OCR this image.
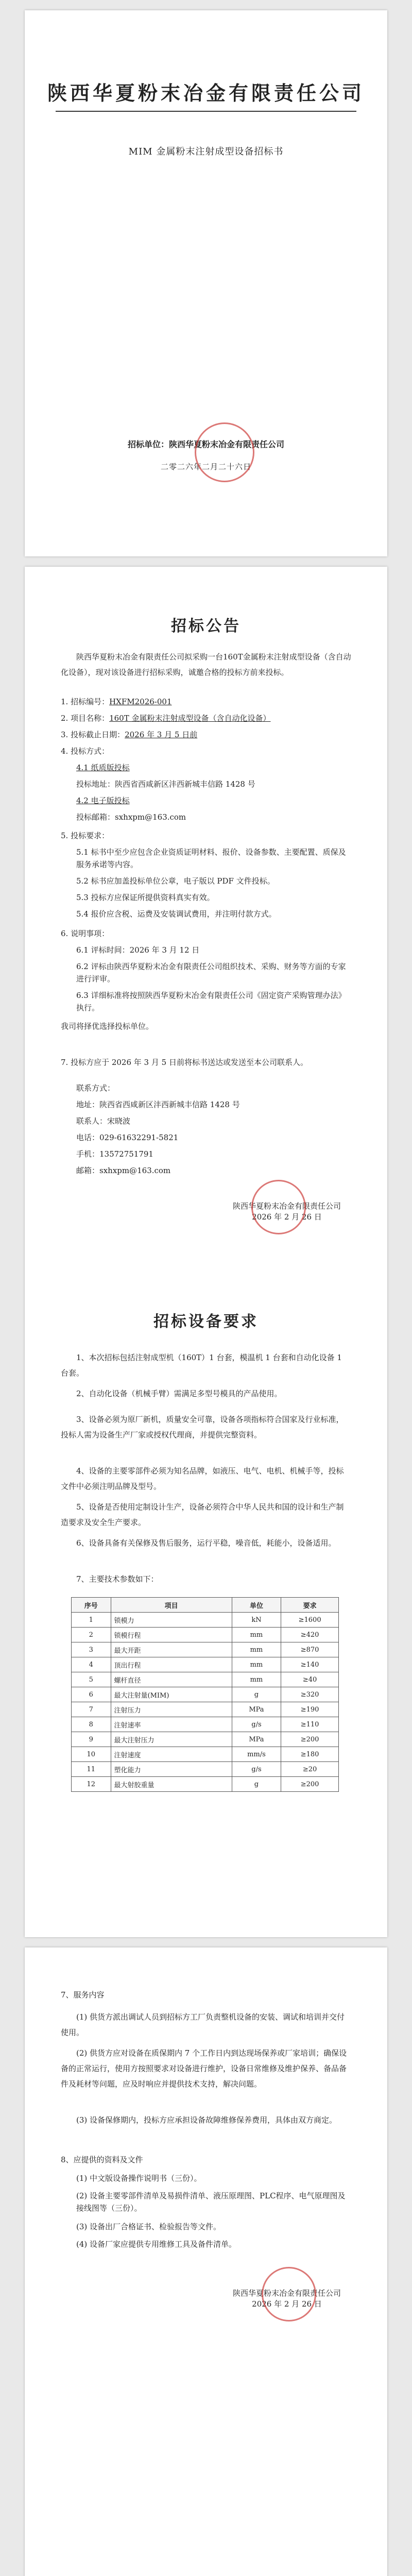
陕西华夏粉末冶金有限责任公司
MIM 金属粉末注射成型设备招标书
招标单位：陕西华夏粉末冶金有限责任公司
二零二六年二月二十六日
招标公告
陕西华夏粉末冶金有限责任公司拟采购一台160T金属粉末注射成型设备（含自动化设备），现对该设备进行招标采购，诚邀合格的投标方前来投标。
1. 招标编号：HXFM2026-001
2. 项目名称：160T 金属粉末注射成型设备（含自动化设备）
3. 投标截止日期：2026 年 3 月 5 日前
4. 投标方式：
4.1 纸质版投标
投标地址：陕西省西咸新区沣西新城丰信路 1428 号
4.2 电子版投标
投标邮箱：sxhxpm@163.com
5. 投标要求：
5.1 标书中至少应包含企业资质证明材料、报价、设备参数、主要配置、质保及服务承诺等内容。
5.2 标书应加盖投标单位公章，电子版以 PDF 文件投标。
5.3 投标方应保证所提供资料真实有效。
5.4 报价应含税、运费及安装调试费用，并注明付款方式。
6. 说明事项：
6.1 评标时间：2026 年 3 月 12 日
6.2 评标由陕西华夏粉末冶金有限责任公司组织技术、采购、财务等方面的专家进行评审。
6.3 详细标准将按照陕西华夏粉末冶金有限责任公司《固定资产采购管理办法》执行。
我司将择优选择投标单位。
7. 投标方应于 2026 年 3 月 5 日前将标书送达或发送至本公司联系人。
联系方式：
地址：陕西省西咸新区沣西新城丰信路 1428 号
联系人：宋晓波
电话：029-61632291-5821
手机：13572751791
邮箱：sxhxpm@163.com
陕西华夏粉末冶金有限责任公司
2026 年 2 月 26 日
招标设备要求
1、本次招标包括注射成型机（160T）1 台套，模温机 1 台套和自动化设备 1 台套。
2、自动化设备（机械手臂）需满足多型号模具的产品使用。
3、设备必须为原厂新机，质量安全可靠，设备各项指标符合国家及行业标准，投标人需为设备生产厂家或授权代理商，并提供完整资料。
4、设备的主要零部件必须为知名品牌，如液压、电气、电机、机械手等，投标文件中必须注明品牌及型号。
5、设备是否使用定制设计生产，设备必须符合中华人民共和国的设计和生产制造要求及安全生产要求。
6、设备具备有关保修及售后服务，运行平稳，噪音低，耗能小，设备适用。
7、主要技术参数如下：
序号	项目	单位	要求
1	锁模力	kN	≥1600
2	锁模行程	mm	≥420
3	最大开距	mm	≥870
4	顶出行程	mm	≥140
5	螺杆直径	mm	≥40
6	最大注射量(MIM)	g	≥320
7	注射压力	MPa	≥190
8	注射速率	g/s	≥110
9	最大注射压力	MPa	≥200
10	注射速度	mm/s	≥180
11	塑化能力	g/s	≥20
12	最大射胶重量	g	≥200
7、服务内容
(1) 供货方派出调试人员到招标方工厂负责整机设备的安装、调试和培训并交付使用。
(2) 供货方应对设备在质保期内 7 个工作日内到达现场保养或厂家培训；确保设备的正常运行，使用方按照要求对设备进行维护，设备日常维修及维护保养、备品备件及耗材等问题，应及时响应并提供技术支持，解决问题。
(3) 设备保修期内，投标方应承担设备故障维修保养费用，具体由双方商定。
8、应提供的资料及文件
(1) 中文版设备操作说明书（三份）。
(2) 设备主要零部件清单及易损件清单、液压原理图、PLC程序、电气原理图及接线图等（三份）。
(3) 设备出厂合格证书、检验报告等文件。
(4) 设备厂家应提供专用维修工具及备件清单。
陕西华夏粉末冶金有限责任公司
2026 年 2 月 26 日
